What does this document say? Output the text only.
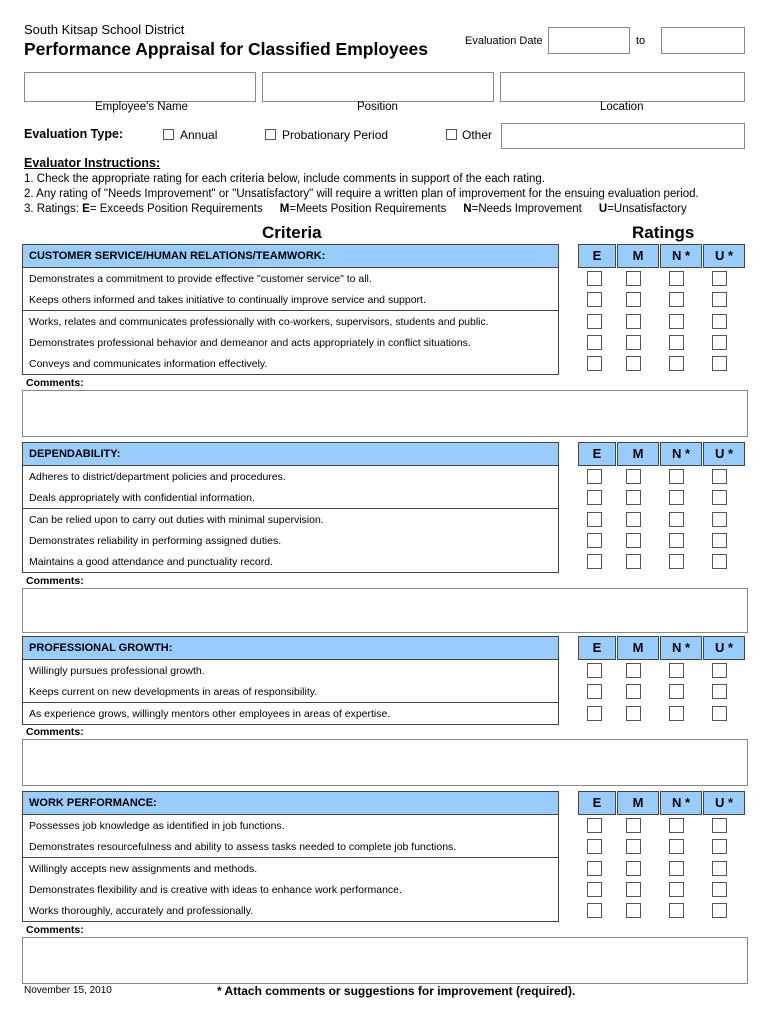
South Kitsap School District
Performance Appraisal for Classified Employees	Evaluation Date	to
Employee's Name	Position	Location
Evaluation Type:	Annual	Probationary Period	Other
Evaluator Instructions:
1. Check the appropriate rating for each criteria below, include comments in support of the each rating.
2. Any rating of "Needs Improvement" or "Unsatisfactory" will require a written plan of improvement for the ensuing evaluation period.
3. Ratings: E= Exceeds Position Requirements M=Meets Position Requirements N=Needs Improvement U=Unsatisfactory
Criteria	Ratings
CUSTOMER SERVICE/HUMAN RELATIONS/TEAMWORK:	E	M	N *	U *
Demonstrates a commitment to provide effective "customer service" to all.
Keeps others informed and takes initiative to continually improve service and support.
Works, relates and communicates professionally with co-workers, supervisors, students and public.
Demonstrates professional behavior and demeanor and acts appropriately in conflict situations.
Conveys and communicates information effectively.
Comments:
DEPENDABILITY:	E	M	N *	U *
Adheres to district/department policies and procedures.
Deals appropriately with confidential information.
Can be relied upon to carry out duties with minimal supervision.
Demonstrates reliability in performing assigned duties.
Maintains a good attendance and punctuality record.
Comments:
PROFESSIONAL GROWTH:	E	M	N *	U *
Willingly pursues professional growth.
Keeps current on new developments in areas of responsibility.
As experience grows, willingly mentors other employees in areas of expertise.
Comments:
WORK PERFORMANCE:	E	M	N *	U *
Possesses job knowledge as identified in job functions.
Demonstrates resourcefulness and ability to assess tasks needed to complete job functions.
Willingly accepts new assignments and methods.
Demonstrates flexibility and is creative with ideas to enhance work performance.
Works thoroughly, accurately and professionally.
Comments:
November 15, 2010	* Attach comments or suggestions for improvement (required).
